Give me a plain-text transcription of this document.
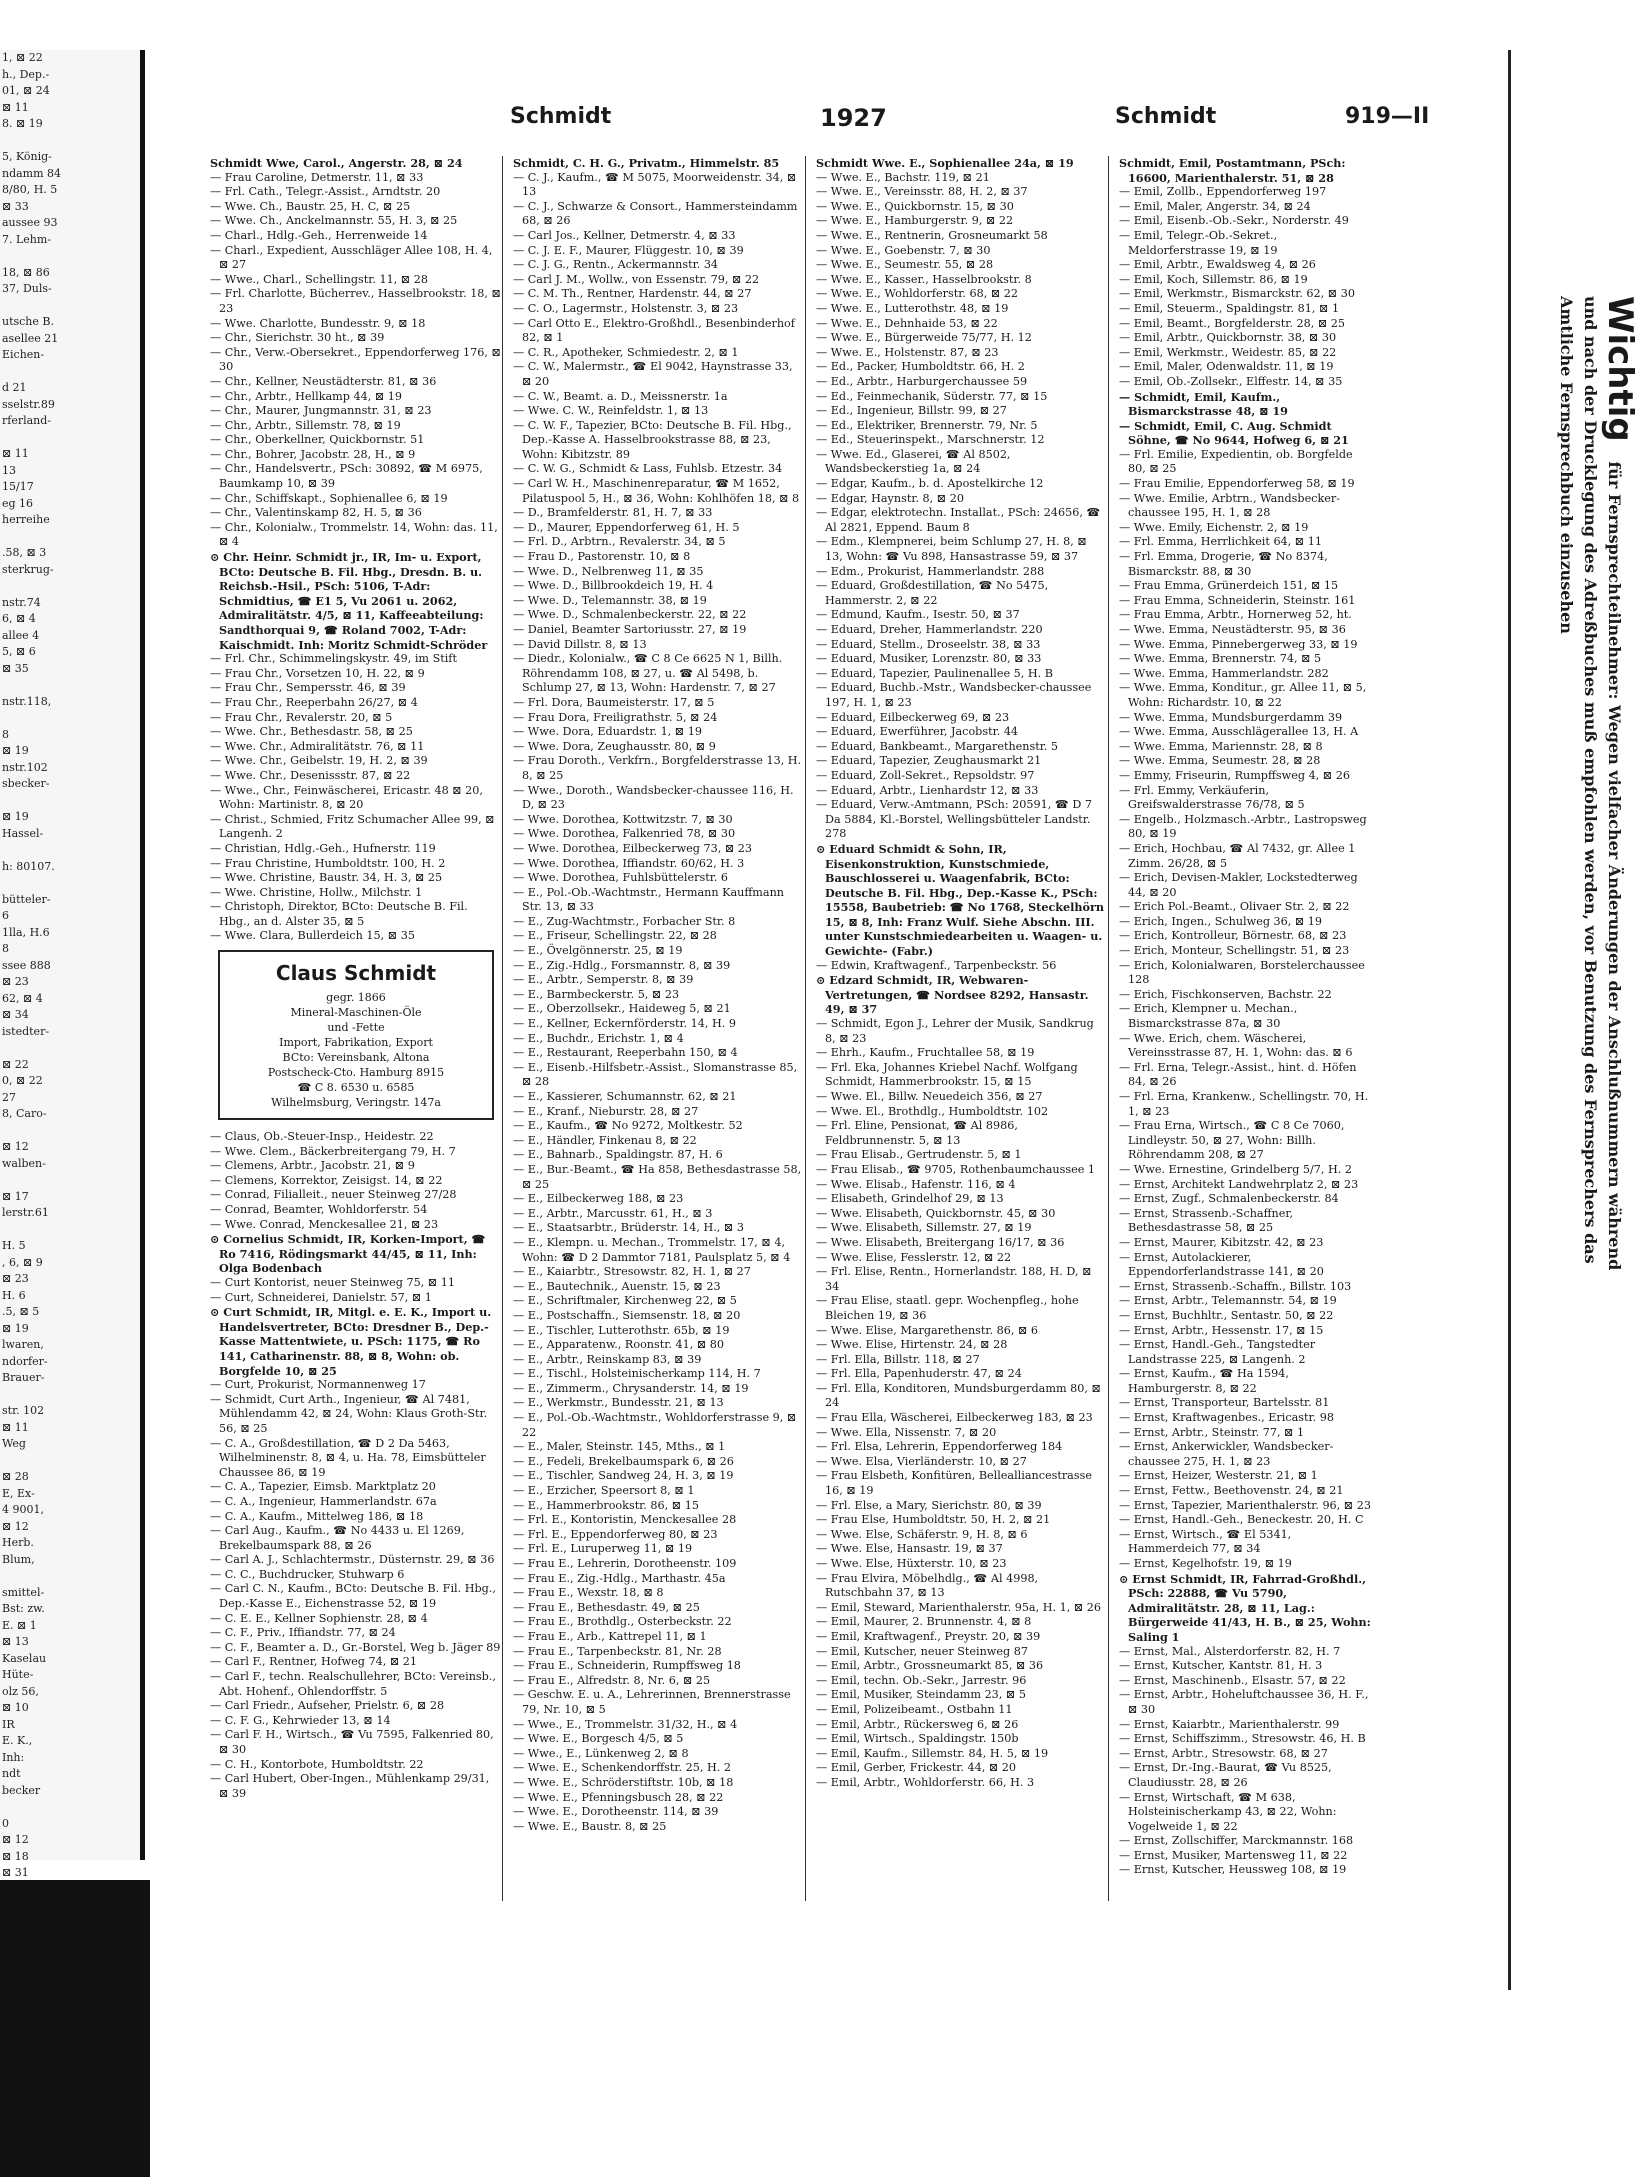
1, ⊠ 22
h., Dep.-
01, ⊠ 24
⊠ 11
8. ⊠ 19

5, König-
ndamm 84
8/80, H. 5
⊠ 33
aussee 93
7. Lehm-

18, ⊠ 86
37, Duls-

utsche B.
asellee 21
Eichen-

d 21
sselstr.89
rferland-

⊠ 11
13
15/17
eg 16
herreihe

.58, ⊠ 3
sterkrug-

nstr.74
6, ⊠ 4
allee 4
5, ⊠ 6
⊠ 35

nstr.118,

8
⊠ 19
nstr.102
sbecker-

⊠ 19
Hassel-

h: 80107.

bütteler-
6
1lla, H.6
8
ssee 888
⊠ 23
62, ⊠ 4
⊠ 34
istedter-

⊠ 22
0, ⊠ 22
27
8, Caro-

⊠ 12
walben-

⊠ 17
lerstr.61

H. 5
, 6, ⊠ 9
⊠ 23
H. 6
.5, ⊠ 5
⊠ 19
lwaren,
ndorfer-
Brauer-

str. 102
⊠ 11
Weg

⊠ 28
E, Ex-
4 9001,
⊠ 12
Herb.
Blum,

smittel-
Bst: zw.
E. ⊠ 1
⊠ 13
Kaselau
Hüte-
olz 56,
⊠ 10
IR
E. K.,
Inh:
ndt
becker

0
⊠ 12
⊠ 18
⊠ 31
Schmidt	1927	Schmidt	919—II
Schmidt Wwe, Carol., Angerstr. 28, ⊠ 24
— Frau Caroline, Detmerstr. 11, ⊠ 33
— Frl. Cath., Telegr.-Assist., Arndtstr. 20
— Wwe. Ch., Baustr. 25, H. C, ⊠ 25
— Wwe. Ch., Anckelmannstr. 55, H. 3, ⊠ 25
— Charl., Hdlg.-Geh., Herrenweide 14
— Charl., Expedient, Ausschläger Allee 108, H. 4, ⊠ 27
— Wwe., Charl., Schellingstr. 11, ⊠ 28
— Frl. Charlotte, Bücherrev., Hasselbrookstr. 18, ⊠ 23
— Wwe. Charlotte, Bundesstr. 9, ⊠ 18
— Chr., Sierichstr. 30 ht., ⊠ 39
— Chr., Verw.-Obersekret., Eppendorferweg 176, ⊠ 30
— Chr., Kellner, Neustädterstr. 81, ⊠ 36
— Chr., Arbtr., Hellkamp 44, ⊠ 19
— Chr., Maurer, Jungmannstr. 31, ⊠ 23
— Chr., Arbtr., Sillemstr. 78, ⊠ 19
— Chr., Oberkellner, Quickbornstr. 51
— Chr., Bohrer, Jacobstr. 28, H., ⊠ 9
— Chr., Handelsvertr., PSch: 30892, ☎ M 6975, Baumkamp 10, ⊠ 39
— Chr., Schiffskapt., Sophienallee 6, ⊠ 19
— Chr., Valentinskamp 82, H. 5, ⊠ 36
— Chr., Kolonialw., Trommelstr. 14, Wohn: das. 11, ⊠ 4
⊙ Chr. Heinr. Schmidt jr., IR, Im- u. Export, BCto: Deutsche B. Fil. Hbg., Dresdn. B. u. Reichsb.-Hsil., PSch: 5106, T-Adr: Schmidtius, ☎ E1 5, Vu 2061 u. 2062, Admiralitätstr. 4/5, ⊠ 11, Kaffeeabteilung: Sandthorquai 9, ☎ Roland 7002, T-Adr: Kaischmidt. Inh: Moritz Schmidt-Schröder
— Frl. Chr., Schimmelingskystr. 49, im Stift
— Frau Chr., Vorsetzen 10, H. 22, ⊠ 9
— Frau Chr., Sempersstr. 46, ⊠ 39
— Frau Chr., Reeperbahn 26/27, ⊠ 4
— Frau Chr., Revalerstr. 20, ⊠ 5
— Wwe. Chr., Bethesdastr. 58, ⊠ 25
— Wwe. Chr., Admiralitätstr. 76, ⊠ 11
— Wwe. Chr., Geibelstr. 19, H. 2, ⊠ 39
— Wwe. Chr., Desenissstr. 87, ⊠ 22
— Wwe., Chr., Feinwäscherei, Ericastr. 48 ⊠ 20, Wohn: Martinistr. 8, ⊠ 20
— Christ., Schmied, Fritz Schumacher Allee 99, ⊠ Langenh. 2
— Christian, Hdlg.-Geh., Hufnerstr. 119
— Frau Christine, Humboldtstr. 100, H. 2
— Wwe. Christine, Baustr. 34, H. 3, ⊠ 25
— Wwe. Christine, Hollw., Milchstr. 1
— Christoph, Direktor, BCto: Deutsche B. Fil. Hbg., an d. Alster 35, ⊠ 5
— Wwe. Clara, Bullerdeich 15, ⊠ 35
Claus Schmidt
gegr. 1866
Mineral-Maschinen-Öle
und -Fette
Import, Fabrikation, Export
BCto: Vereinsbank, Altona
Postscheck-Cto. Hamburg 8915
☎ C 8. 6530 u. 6585
Wilhelmsburg, Veringstr. 147a
— Claus, Ob.-Steuer-Insp., Heidestr. 22
— Wwe. Clem., Bäckerbreitergang 79, H. 7
— Clemens, Arbtr., Jacobstr. 21, ⊠ 9
— Clemens, Korrektor, Zeisigst. 14, ⊠ 22
— Conrad, Filialleit., neuer Steinweg 27/28
— Conrad, Beamter, Wohldorferstr. 54
— Wwe. Conrad, Menckesallee 21, ⊠ 23
⊙ Cornelius Schmidt, IR, Korken-Import, ☎ Ro 7416, Rödingsmarkt 44/45, ⊠ 11, Inh: Olga Bodenbach
— Curt Kontorist, neuer Steinweg 75, ⊠ 11
— Curt, Schneiderei, Danielstr. 57, ⊠ 1
⊙ Curt Schmidt, IR, Mitgl. e. E. K., Import u. Handelsvertreter, BCto: Dresdner B., Dep.-Kasse Mattentwiete, u. PSch: 1175, ☎ Ro 141, Catharinenstr. 88, ⊠ 8, Wohn: ob. Borgfelde 10, ⊠ 25
— Curt, Prokurist, Normannenweg 17
— Schmidt, Curt Arth., Ingenieur, ☎ Al 7481, Mühlendamm 42, ⊠ 24, Wohn: Klaus Groth-Str. 56, ⊠ 25
— C. A., Großdestillation, ☎ D 2 Da 5463, Wilhelminenstr. 8, ⊠ 4, u. Ha. 78, Eimsbütteler Chaussee 86, ⊠ 19
— C. A., Tapezier, Eimsb. Marktplatz 20
— C. A., Ingenieur, Hammerlandstr. 67a
— C. A., Kaufm., Mittelweg 186, ⊠ 18
— Carl Aug., Kaufm., ☎ No 4433 u. El 1269, Brekelbaumspark 88, ⊠ 26
— Carl A. J., Schlachtermstr., Düsternstr. 29, ⊠ 36
— C. C., Buchdrucker, Stuhwarp 6
— Carl C. N., Kaufm., BCto: Deutsche B. Fil. Hbg., Dep.-Kasse E., Eichenstrasse 52, ⊠ 19
— C. E. E., Kellner Sophienstr. 28, ⊠ 4
— C. F., Priv., Iffiandstr. 77, ⊠ 24
— C. F., Beamter a. D., Gr.-Borstel, Weg b. Jäger 89
— Carl F., Rentner, Hofweg 74, ⊠ 21
— Carl F., techn. Realschullehrer, BCto: Vereinsb., Abt. Hohenf., Ohlendorffstr. 5
— Carl Friedr., Aufseher, Prielstr. 6, ⊠ 28
— C. F. G., Kehrwieder 13, ⊠ 14
— Carl F. H., Wirtsch., ☎ Vu 7595, Falkenried 80, ⊠ 30
— C. H., Kontorbote, Humboldtstr. 22
— Carl Hubert, Ober-Ingen., Mühlenkamp 29/31, ⊠ 39
Schmidt, C. H. G., Privatm., Himmelstr. 85
— C. J., Kaufm., ☎ M 5075, Moorweidenstr. 34, ⊠ 13
— C. J., Schwarze & Consort., Hammersteindamm 68, ⊠ 26
— Carl Jos., Kellner, Detmerstr. 4, ⊠ 33
— C. J. E. F., Maurer, Flüggestr. 10, ⊠ 39
— C. J. G., Rentn., Ackermannstr. 34
— Carl J. M., Wollw., von Essenstr. 79, ⊠ 22
— C. M. Th., Rentner, Hardenstr. 44, ⊠ 27
— C. O., Lagermstr., Holstenstr. 3, ⊠ 23
— Carl Otto E., Elektro-Großhdl., Besenbinderhof 82, ⊠ 1
— C. R., Apotheker, Schmiedestr. 2, ⊠ 1
— C. W., Malermstr., ☎ El 9042, Haynstrasse 33, ⊠ 20
— C. W., Beamt. a. D., Meissnerstr. 1a
— Wwe. C. W., Reinfeldstr. 1, ⊠ 13
— C. W. F., Tapezier, BCto: Deutsche B. Fil. Hbg., Dep.-Kasse A. Hasselbrookstrasse 88, ⊠ 23, Wohn: Kibitzstr. 89
— C. W. G., Schmidt & Lass, Fuhlsb. Etzestr. 34
— Carl W. H., Maschinenreparatur, ☎ M 1652, Pilatuspool 5, H., ⊠ 36, Wohn: Kohlhöfen 18, ⊠ 8
— D., Bramfelderstr. 81, H. 7, ⊠ 33
— D., Maurer, Eppendorferweg 61, H. 5
— Frl. D., Arbtrn., Revalerstr. 34, ⊠ 5
— Frau D., Pastorenstr. 10, ⊠ 8
— Wwe. D., Nelbrenweg 11, ⊠ 35
— Wwe. D., Billbrookdeich 19, H. 4
— Wwe. D., Telemannstr. 38, ⊠ 19
— Wwe. D., Schmalenbeckerstr. 22, ⊠ 22
— Daniel, Beamter Sartoriusstr. 27, ⊠ 19
— David Dillstr. 8, ⊠ 13
— Diedr., Kolonialw., ☎ C 8 Ce 6625 N 1, Billh. Röhrendamm 108, ⊠ 27, u. ☎ Al 5498, b. Schlump 27, ⊠ 13, Wohn: Hardenstr. 7, ⊠ 27
— Frl. Dora, Baumeisterstr. 17, ⊠ 5
— Frau Dora, Freiligrathstr. 5, ⊠ 24
— Wwe. Dora, Eduardstr. 1, ⊠ 19
— Wwe. Dora, Zeughausstr. 80, ⊠ 9
— Frau Doroth., Verkfrn., Borgfelderstrasse 13, H. 8, ⊠ 25
— Wwe., Doroth., Wandsbecker-chaussee 116, H. D, ⊠ 23
— Wwe. Dorothea, Kottwitzstr. 7, ⊠ 30
— Wwe. Dorothea, Falkenried 78, ⊠ 30
— Wwe. Dorothea, Eilbeckerweg 73, ⊠ 23
— Wwe. Dorothea, Iffiandstr. 60/62, H. 3
— Wwe. Dorothea, Fuhlsbüttelerstr. 6
— E., Pol.-Ob.-Wachtmstr., Hermann Kauffmann Str. 13, ⊠ 33
— E., Zug-Wachtmstr., Forbacher Str. 8
— E., Friseur, Schellingstr. 22, ⊠ 28
— E., Övelgönnerstr. 25, ⊠ 19
— E., Zig.-Hdlg., Forsmannstr. 8, ⊠ 39
— E., Arbtr., Semperstr. 8, ⊠ 39
— E., Barmbeckerstr. 5, ⊠ 23
— E., Oberzollsekr., Haideweg 5, ⊠ 21
— E., Kellner, Eckernförderstr. 14, H. 9
— E., Buchdr., Erichstr. 1, ⊠ 4
— E., Restaurant, Reeperbahn 150, ⊠ 4
— E., Eisenb.-Hilfsbetr.-Assist., Slomanstrasse 85, ⊠ 28
— E., Kassierer, Schumannstr. 62, ⊠ 21
— E., Kranf., Nieburstr. 28, ⊠ 27
— E., Kaufm., ☎ No 9272, Moltkestr. 52
— E., Händler, Finkenau 8, ⊠ 22
— E., Bahnarb., Spaldingstr. 87, H. 6
— E., Bur.-Beamt., ☎ Ha 858, Bethesdastrasse 58, ⊠ 25
— E., Eilbeckerweg 188, ⊠ 23
— E., Arbtr., Marcusstr. 61, H., ⊠ 3
— E., Staatsarbtr., Brüderstr. 14, H., ⊠ 3
— E., Klempn. u. Mechan., Trommelstr. 17, ⊠ 4, Wohn: ☎ D 2 Dammtor 7181, Paulsplatz 5, ⊠ 4
— E., Kaiarbtr., Stresowstr. 82, H. 1, ⊠ 27
— E., Bautechnik., Auenstr. 15, ⊠ 23
— E., Schriftmaler, Kirchenweg 22, ⊠ 5
— E., Postschaffn., Siemsenstr. 18, ⊠ 20
— E., Tischler, Lutterothstr. 65b, ⊠ 19
— E., Apparatenw., Roonstr. 41, ⊠ 80
— E., Arbtr., Reinskamp 83, ⊠ 39
— E., Tischl., Holsteinischerkamp 114, H. 7
— E., Zimmerm., Chrysanderstr. 14, ⊠ 19
— E., Werkmstr., Bundesstr. 21, ⊠ 13
— E., Pol.-Ob.-Wachtmstr., Wohldorferstrasse 9, ⊠ 22
— E., Maler, Steinstr. 145, Mths., ⊠ 1
— E., Fedeli, Brekelbaumspark 6, ⊠ 26
— E., Tischler, Sandweg 24, H. 3, ⊠ 19
— E., Erzicher, Speersort 8, ⊠ 1
— E., Hammerbrookstr. 86, ⊠ 15
— Frl. E., Kontoristin, Menckesallee 28
— Frl. E., Eppendorferweg 80, ⊠ 23
— Frl. E., Luruperweg 11, ⊠ 19
— Frau E., Lehrerin, Dorotheenstr. 109
— Frau E., Zig.-Hdlg., Marthastr. 45a
— Frau E., Wexstr. 18, ⊠ 8
— Frau E., Bethesdastr. 49, ⊠ 25
— Frau E., Brothdlg., Osterbeckstr. 22
— Frau E., Arb., Kattrepel 11, ⊠ 1
— Frau E., Tarpenbeckstr. 81, Nr. 28
— Frau E., Schneiderin, Rumpffsweg 18
— Frau E., Alfredstr. 8, Nr. 6, ⊠ 25
— Geschw. E. u. A., Lehrerinnen, Brennerstrasse 79, Nr. 10, ⊠ 5
— Wwe., E., Trommelstr. 31/32, H., ⊠ 4
— Wwe. E., Borgesch 4/5, ⊠ 5
— Wwe., E., Lünkenweg 2, ⊠ 8
— Wwe. E., Schenkendorffstr. 25, H. 2
— Wwe. E., Schröderstiftstr. 10b, ⊠ 18
— Wwe. E., Pfenningsbusch 28, ⊠ 22
— Wwe. E., Dorotheenstr. 114, ⊠ 39
— Wwe. E., Baustr. 8, ⊠ 25
Schmidt Wwe. E., Sophienallee 24a, ⊠ 19
— Wwe. E., Bachstr. 119, ⊠ 21
— Wwe. E., Vereinsstr. 88, H. 2, ⊠ 37
— Wwe. E., Quickbornstr. 15, ⊠ 30
— Wwe. E., Hamburgerstr. 9, ⊠ 22
— Wwe. E., Rentnerin, Grosneumarkt 58
— Wwe. E., Goebenstr. 7, ⊠ 30
— Wwe. E., Seumestr. 55, ⊠ 28
— Wwe. E., Kasser., Hasselbrookstr. 8
— Wwe. E., Wohldorferstr. 68, ⊠ 22
— Wwe. E., Lutterothstr. 48, ⊠ 19
— Wwe. E., Dehnhaide 53, ⊠ 22
— Wwe. E., Bürgerweide 75/77, H. 12
— Wwe. E., Holstenstr. 87, ⊠ 23
— Ed., Packer, Humboldtstr. 66, H. 2
— Ed., Arbtr., Harburgerchaussee 59
— Ed., Feinmechanik, Süderstr. 77, ⊠ 15
— Ed., Ingenieur, Billstr. 99, ⊠ 27
— Ed., Elektriker, Brennerstr. 79, Nr. 5
— Ed., Steuerinspekt., Marschnerstr. 12
— Wwe. Ed., Glaserei, ☎ Al 8502, Wandsbeckerstieg 1a, ⊠ 24
— Edgar, Kaufm., b. d. Apostelkirche 12
— Edgar, Haynstr. 8, ⊠ 20
— Edgar, elektrotechn. Installat., PSch: 24656, ☎ Al 2821, Eppend. Baum 8
— Edm., Klempnerei, beim Schlump 27, H. 8, ⊠ 13, Wohn: ☎ Vu 898, Hansastrasse 59, ⊠ 37
— Edm., Prokurist, Hammerlandstr. 288
— Eduard, Großdestillation, ☎ No 5475, Hammerstr. 2, ⊠ 22
— Edmund, Kaufm., Isestr. 50, ⊠ 37
— Eduard, Dreher, Hammerlandstr. 220
— Eduard, Stellm., Droseelstr. 38, ⊠ 33
— Eduard, Musiker, Lorenzstr. 80, ⊠ 33
— Eduard, Tapezier, Paulinenallee 5, H. B
— Eduard, Buchb.-Mstr., Wandsbecker-chaussee 197, H. 1, ⊠ 23
— Eduard, Eilbeckerweg 69, ⊠ 23
— Eduard, Ewerführer, Jacobstr. 44
— Eduard, Bankbeamt., Margarethenstr. 5
— Eduard, Tapezier, Zeughausmarkt 21
— Eduard, Zoll-Sekret., Repsoldstr. 97
— Eduard, Arbtr., Lienhardstr 12, ⊠ 33
— Eduard, Verw.-Amtmann, PSch: 20591, ☎ D 7 Da 5884, Kl.-Borstel, Wellingsbütteler Landstr. 278
⊙ Eduard Schmidt & Sohn, IR, Eisenkonstruktion, Kunstschmiede, Bauschlosserei u. Waagenfabrik, BCto: Deutsche B. Fil. Hbg., Dep.-Kasse K., PSch: 15558, Baubetrieb: ☎ No 1768, Steckelhörn 15, ⊠ 8, Inh: Franz Wulf. Siehe Abschn. III. unter Kunstschmiedearbeiten u. Waagen- u. Gewichte- (Fabr.)
— Edwin, Kraftwagenf., Tarpenbeckstr. 56
⊙ Edzard Schmidt, IR, Webwaren-Vertretungen, ☎ Nordsee 8292, Hansastr. 49, ⊠ 37
— Schmidt, Egon J., Lehrer der Musik, Sandkrug 8, ⊠ 23
— Ehrh., Kaufm., Fruchtallee 58, ⊠ 19
— Frl. Eka, Johannes Kriebel Nachf. Wolfgang Schmidt, Hammerbrookstr. 15, ⊠ 15
— Wwe. El., Billw. Neuedeich 356, ⊠ 27
— Wwe. El., Brothdlg., Humboldtstr. 102
— Frl. Eline, Pensionat, ☎ Al 8986, Feldbrunnenstr. 5, ⊠ 13
— Frau Elisab., Gertrudenstr. 5, ⊠ 1
— Frau Elisab., ☎ 9705, Rothenbaumchaussee 1
— Wwe. Elisab., Hafenstr. 116, ⊠ 4
— Elisabeth, Grindelhof 29, ⊠ 13
— Wwe. Elisabeth, Quickbornstr. 45, ⊠ 30
— Wwe. Elisabeth, Sillemstr. 27, ⊠ 19
— Wwe. Elisabeth, Breitergang 16/17, ⊠ 36
— Wwe. Elise, Fesslerstr. 12, ⊠ 22
— Frl. Elise, Rentn., Hornerlandstr. 188, H. D, ⊠ 34
— Frau Elise, staatl. gepr. Wochenpfleg., hohe Bleichen 19, ⊠ 36
— Wwe. Elise, Margarethenstr. 86, ⊠ 6
— Wwe. Elise, Hirtenstr. 24, ⊠ 28
— Frl. Ella, Billstr. 118, ⊠ 27
— Frl. Ella, Papenhuderstr. 47, ⊠ 24
— Frl. Ella, Konditoren, Mundsburgerdamm 80, ⊠ 24
— Frau Ella, Wäscherei, Eilbeckerweg 183, ⊠ 23
— Wwe. Ella, Nissenstr. 7, ⊠ 20
— Frl. Elsa, Lehrerin, Eppendorferweg 184
— Wwe. Elsa, Vierländerstr. 10, ⊠ 27
— Frau Elsbeth, Konfitüren, Bellealliancestrasse 16, ⊠ 19
— Frl. Else, a Mary, Sierichstr. 80, ⊠ 39
— Frau Else, Humboldtstr. 50, H. 2, ⊠ 21
— Wwe. Else, Schäferstr. 9, H. 8, ⊠ 6
— Wwe. Else, Hansastr. 19, ⊠ 37
— Wwe. Else, Hüxterstr. 10, ⊠ 23
— Frau Elvira, Möbelhdlg., ☎ Al 4998, Rutschbahn 37, ⊠ 13
— Emil, Steward, Marienthalerstr. 95a, H. 1, ⊠ 26
— Emil, Maurer, 2. Brunnenstr. 4, ⊠ 8
— Emil, Kraftwagenf., Preystr. 20, ⊠ 39
— Emil, Kutscher, neuer Steinweg 87
— Emil, Arbtr., Grossneumarkt 85, ⊠ 36
— Emil, techn. Ob.-Sekr., Jarrestr. 96
— Emil, Musiker, Steindamm 23, ⊠ 5
— Emil, Polizeibeamt., Ostbahn 11
— Emil, Arbtr., Rückersweg 6, ⊠ 26
— Emil, Wirtsch., Spaldingstr. 150b
— Emil, Kaufm., Sillemstr. 84, H. 5, ⊠ 19
— Emil, Gerber, Frickestr. 44, ⊠ 20
— Emil, Arbtr., Wohldorferstr. 66, H. 3
Schmidt, Emil, Postamtmann, PSch: 16600, Marienthalerstr. 51, ⊠ 28
— Emil, Zollb., Eppendorferweg 197
— Emil, Maler, Angerstr. 34, ⊠ 24
— Emil, Eisenb.-Ob.-Sekr., Norderstr. 49
— Emil, Telegr.-Ob.-Sekret., Meldorferstrasse 19, ⊠ 19
— Emil, Arbtr., Ewaldsweg 4, ⊠ 26
— Emil, Koch, Sillemstr. 86, ⊠ 19
— Emil, Werkmstr., Bismarckstr. 62, ⊠ 30
— Emil, Steuerm., Spaldingstr. 81, ⊠ 1
— Emil, Beamt., Borgfelderstr. 28, ⊠ 25
— Emil, Arbtr., Quickbornstr. 38, ⊠ 30
— Emil, Werkmstr., Weidestr. 85, ⊠ 22
— Emil, Maler, Odenwaldstr. 11, ⊠ 19
— Emil, Ob.-Zollsekr., Elffestr. 14, ⊠ 35
— Schmidt, Emil, Kaufm., Bismarckstrasse 48, ⊠ 19
— Schmidt, Emil, C. Aug. Schmidt Söhne, ☎ No 9644, Hofweg 6, ⊠ 21
— Frl. Emilie, Expedientin, ob. Borgfelde 80, ⊠ 25
— Frau Emilie, Eppendorferweg 58, ⊠ 19
— Wwe. Emilie, Arbtrn., Wandsbecker-chaussee 195, H. 1, ⊠ 28
— Wwe. Emily, Eichenstr. 2, ⊠ 19
— Frl. Emma, Herrlichkeit 64, ⊠ 11
— Frl. Emma, Drogerie, ☎ No 8374, Bismarckstr. 88, ⊠ 30
— Frau Emma, Grünerdeich 151, ⊠ 15
— Frau Emma, Schneiderin, Steinstr. 161
— Frau Emma, Arbtr., Hornerweg 52, ht.
— Wwe. Emma, Neustädterstr. 95, ⊠ 36
— Wwe. Emma, Pinnebergerweg 33, ⊠ 19
— Wwe. Emma, Brennerstr. 74, ⊠ 5
— Wwe. Emma, Hammerlandstr. 282
— Wwe. Emma, Konditur., gr. Allee 11, ⊠ 5, Wohn: Richardstr. 10, ⊠ 22
— Wwe. Emma, Mundsburgerdamm 39
— Wwe. Emma, Ausschlägerallee 13, H. A
— Wwe. Emma, Mariennstr. 28, ⊠ 8
— Wwe. Emma, Seumestr. 28, ⊠ 28
— Emmy, Friseurin, Rumpffsweg 4, ⊠ 26
— Frl. Emmy, Verkäuferin, Greifswalderstrasse 76/78, ⊠ 5
— Engelb., Holzmasch.-Arbtr., Lastropsweg 80, ⊠ 19
— Erich, Hochbau, ☎ Al 7432, gr. Allee 1 Zimm. 26/28, ⊠ 5
— Erich, Devisen-Makler, Lockstedterweg 44, ⊠ 20
— Erich Pol.-Beamt., Olivaer Str. 2, ⊠ 22
— Erich, Ingen., Schulweg 36, ⊠ 19
— Erich, Kontrolleur, Börnestr. 68, ⊠ 23
— Erich, Monteur, Schellingstr. 51, ⊠ 23
— Erich, Kolonialwaren, Borstelerchaussee 128
— Erich, Fischkonserven, Bachstr. 22
— Erich, Klempner u. Mechan., Bismarckstrasse 87a, ⊠ 30
— Wwe. Erich, chem. Wäscherei, Vereinsstrasse 87, H. 1, Wohn: das. ⊠ 6
— Frl. Erna, Telegr.-Assist., hint. d. Höfen 84, ⊠ 26
— Frl. Erna, Krankenw., Schellingstr. 70, H. 1, ⊠ 23
— Frau Erna, Wirtsch., ☎ C 8 Ce 7060, Lindleystr. 50, ⊠ 27, Wohn: Billh. Röhrendamm 208, ⊠ 27
— Wwe. Ernestine, Grindelberg 5/7, H. 2
— Ernst, Architekt Landwehrplatz 2, ⊠ 23
— Ernst, Zugf., Schmalenbeckerstr. 84
— Ernst, Strassenb.-Schaffner, Bethesdastrasse 58, ⊠ 25
— Ernst, Maurer, Kibitzstr. 42, ⊠ 23
— Ernst, Autolackierer, Eppendorferlandstrasse 141, ⊠ 20
— Ernst, Strassenb.-Schaffn., Billstr. 103
— Ernst, Arbtr., Telemannstr. 54, ⊠ 19
— Ernst, Buchhltr., Sentastr. 50, ⊠ 22
— Ernst, Arbtr., Hessenstr. 17, ⊠ 15
— Ernst, Handl.-Geh., Tangstedter Landstrasse 225, ⊠ Langenh. 2
— Ernst, Kaufm., ☎ Ha 1594, Hamburgerstr. 8, ⊠ 22
— Ernst, Transporteur, Bartelsstr. 81
— Ernst, Kraftwagenbes., Ericastr. 98
— Ernst, Arbtr., Steinstr. 77, ⊠ 1
— Ernst, Ankerwickler, Wandsbecker-chaussee 275, H. 1, ⊠ 23
— Ernst, Heizer, Westerstr. 21, ⊠ 1
— Ernst, Fettw., Beethovenstr. 24, ⊠ 21
— Ernst, Tapezier, Marienthalerstr. 96, ⊠ 23
— Ernst, Handl.-Geh., Beneckestr. 20, H. C
— Ernst, Wirtsch., ☎ El 5341, Hammerdeich 77, ⊠ 34
— Ernst, Kegelhofstr. 19, ⊠ 19
⊙ Ernst Schmidt, IR, Fahrrad-Großhdl., PSch: 22888, ☎ Vu 5790, Admiralitätstr. 28, ⊠ 11, Lag.: Bürgerweide 41/43, H. B., ⊠ 25, Wohn: Saling 1
— Ernst, Mal., Alsterdorferstr. 82, H. 7
— Ernst, Kutscher, Kantstr. 81, H. 3
— Ernst, Maschinenb., Elsastr. 57, ⊠ 22
— Ernst, Arbtr., Hoheluftchaussee 36, H. F., ⊠ 30
— Ernst, Kaiarbtr., Marienthalerstr. 99
— Ernst, Schiffszimm., Stresowstr. 46, H. B
— Ernst, Arbtr., Stresowstr. 68, ⊠ 27
— Ernst, Dr.-Ing.-Baurat, ☎ Vu 8525, Claudiusstr. 28, ⊠ 26
— Ernst, Wirtschaft, ☎ M 638, Holsteinischerkamp 43, ⊠ 22, Wohn: Vogelweide 1, ⊠ 22
— Ernst, Zollschiffer, Marckmannstr. 168
— Ernst, Musiker, Martensweg 11, ⊠ 22
— Ernst, Kutscher, Heussweg 108, ⊠ 19
Wichtig für Fernsprechteilnehmer: Wegen vielfacher Änderungen der Anschlußnummern während und nach der Drucklegung des Adreßbuches muß empfohlen werden, vor Benutzung des Fernsprechers das Amtliche Fernsprechbuch einzusehen
